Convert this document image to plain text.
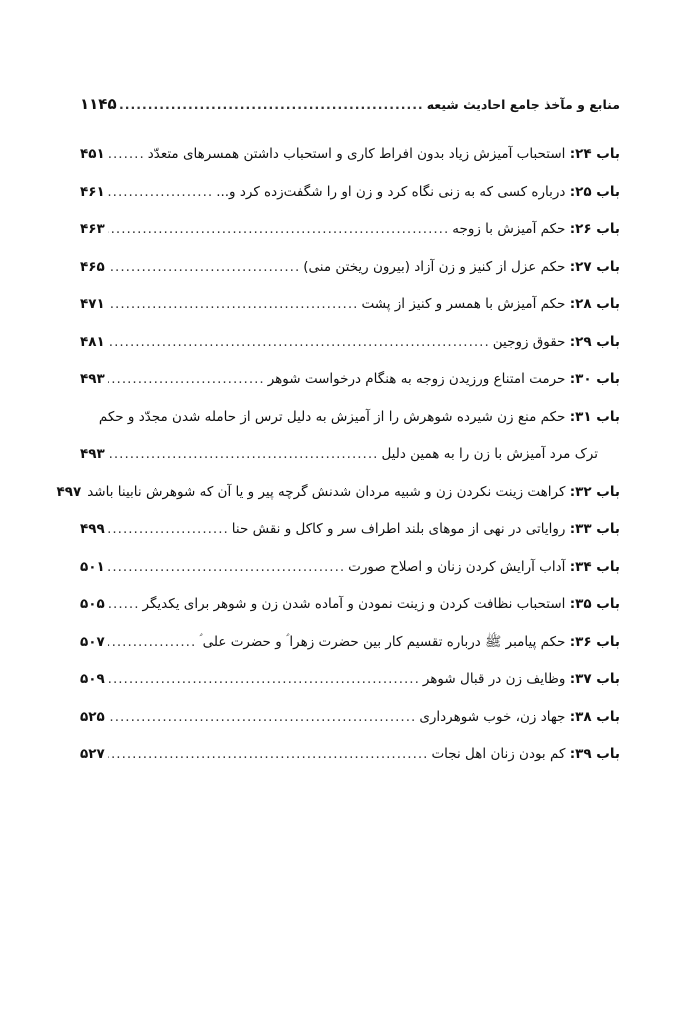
منابع و مآخذ جامع احادیث شیعه
.....
۱۱۴۵
باب ۲۴: استحباب آمیزش زیاد بدون افراط کاری و استحباب داشتن همسرهای متعدّد
.....
۴۵۱
باب ۲۵: درباره کسی که به زنی نگاه کرد و زن او را شگفت‌زده کرد و...
.....
۴۶۱
باب ۲۶: حکم آمیزش با زوجه
.....
۴۶۳
باب ۲۷: حکم عزل از کنیز و زن آزاد (بیرون ریختن منی)
.....
۴۶۵
باب ۲۸: حکم آمیزش با همسر و کنیز از پشت
.....
۴۷۱
باب ۲۹: حقوق زوجین
.....
۴۸۱
باب ۳۰: حرمت امتناع ورزیدن زوجه به هنگام درخواست شوهر
.....
۴۹۳
باب ۳۱: حکم منع زن شیرده شوهرش را از آمیزش به دلیل ترس از حامله شدن مجدّد و حکم
ترک مرد آمیزش با زن را به همین دلیل
.....
۴۹۳
باب ۳۲: کراهت زینت نکردن زن و شبیه مردان شدنش گرچه پیر و یا آن که شوهرش نابینا باشد
۴۹۷
باب ۳۳: روایاتی در نهی از موهای بلند اطراف سر و کاکل و نقش حنا
.....
۴۹۹
باب ۳۴: آداب آرایش کردن زنان و اصلاح صورت
.....
۵۰۱
باب ۳۵: استحباب نظافت کردن و زینت نمودن و آماده شدن زن و شوهر برای یکدیگر
.....
۵۰۵
باب ۳۶: حکم پیامبر ﷺ درباره تقسیم کار بین حضرت زهرا ؑ و حضرت علی ؑ
.....
۵۰۷
باب ۳۷: وظایف زن در قبال شوهر
.....
۵۰۹
باب ۳۸: جهاد زن، خوب شوهرداری
.....
۵۲۵
باب ۳۹: کم بودن زنان اهل نجات
.....
۵۲۷
